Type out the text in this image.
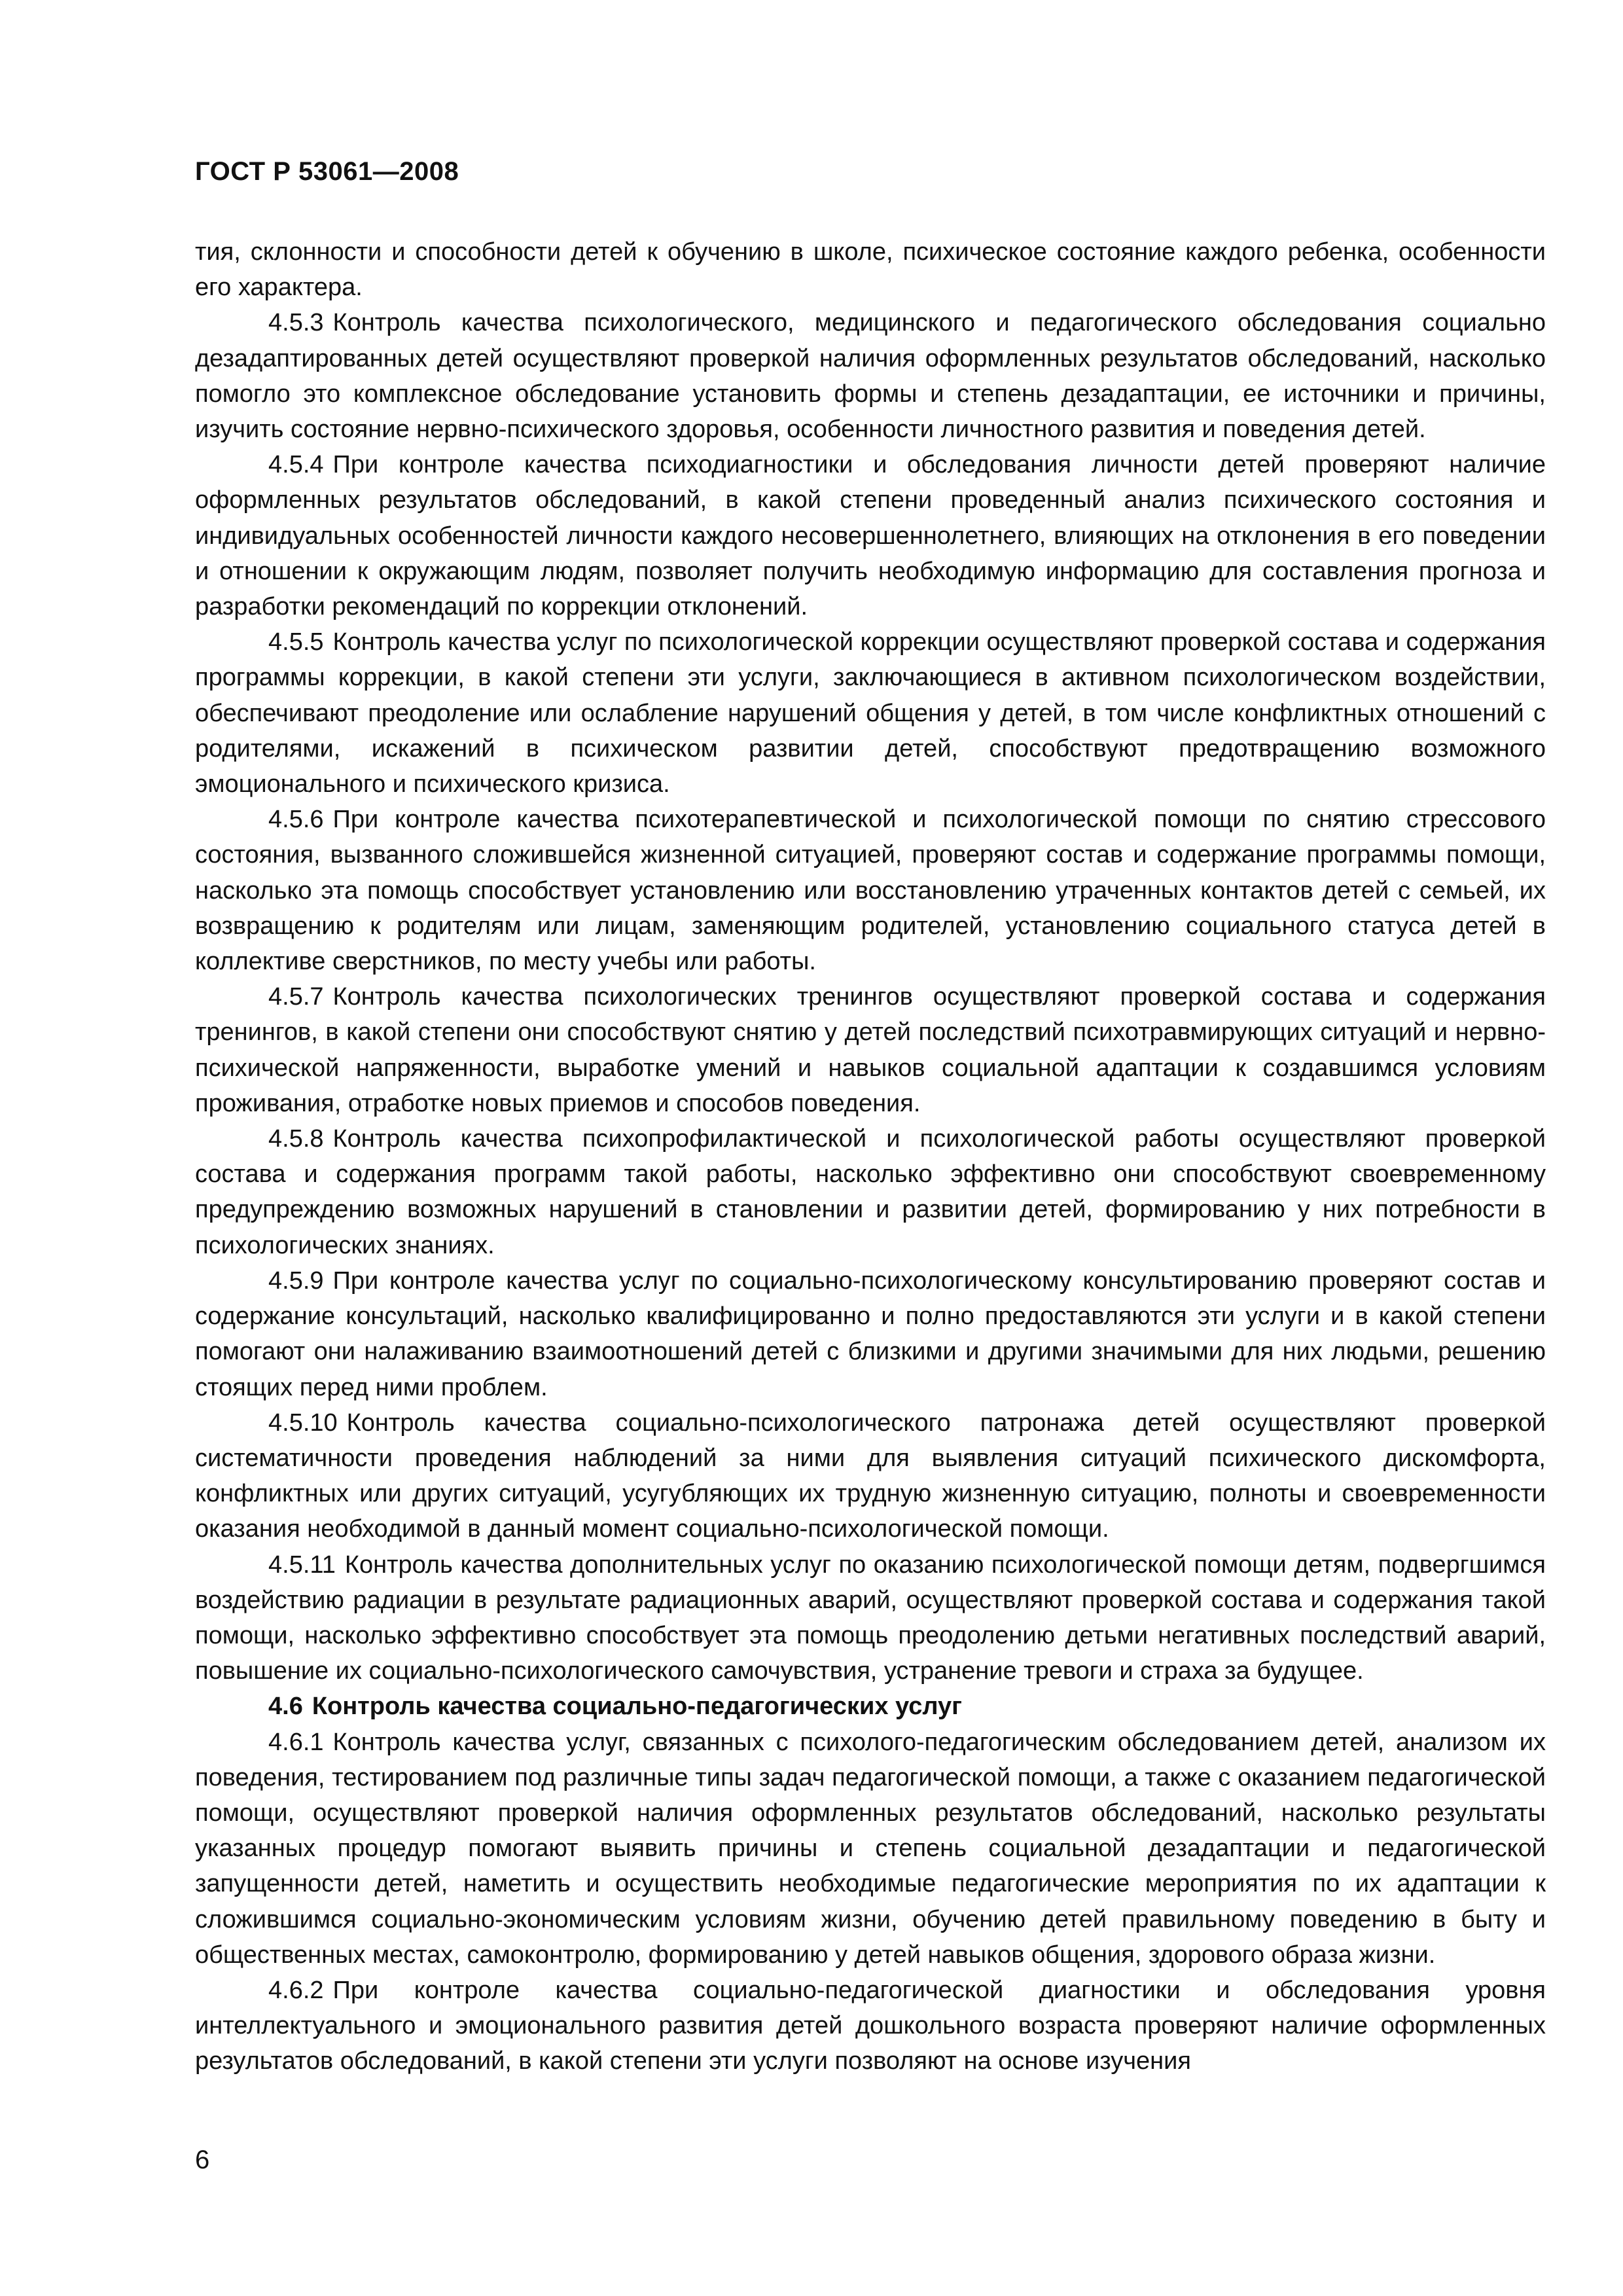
ГОСТ Р 53061—2008

тия, склонности и способности детей к обучению в школе, психическое состояние каждого ребенка, особенности его характера.

4.5.3 Контроль качества психологического, медицинского и педагогического обследования социально дезадаптированных детей осуществляют проверкой наличия оформленных результатов обследований, насколько помогло это комплексное обследование установить формы и степень дезадаптации, ее источники и причины, изучить состояние нервно-психического здоровья, особенности личностного развития и поведения детей.

4.5.4 При контроле качества психодиагностики и обследования личности детей проверяют наличие оформленных результатов обследований, в какой степени проведенный анализ психического состояния и индивидуальных особенностей личности каждого несовершеннолетнего, влияющих на отклонения в его поведении и отношении к окружающим людям, позволяет получить необходимую информацию для составления прогноза и разработки рекомендаций по коррекции отклонений.

4.5.5 Контроль качества услуг по психологической коррекции осуществляют проверкой состава и содержания программы коррекции, в какой степени эти услуги, заключающиеся в активном психологическом воздействии, обеспечивают преодоление или ослабление нарушений общения у детей, в том числе конфликтных отношений с родителями, искажений в психическом развитии детей, способствуют предотвращению возможного эмоционального и психического кризиса.

4.5.6 При контроле качества психотерапевтической и психологической помощи по снятию стрессового состояния, вызванного сложившейся жизненной ситуацией, проверяют состав и содержание программы помощи, насколько эта помощь способствует установлению или восстановлению утраченных контактов детей с семьей, их возвращению к родителям или лицам, заменяющим родителей, установлению социального статуса детей в коллективе сверстников, по месту учебы или работы.

4.5.7 Контроль качества психологических тренингов осуществляют проверкой состава и содержания тренингов, в какой степени они способствуют снятию у детей последствий психотравмирующих ситуаций и нервно-психической напряженности, выработке умений и навыков социальной адаптации к создавшимся условиям проживания, отработке новых приемов и способов поведения.

4.5.8 Контроль качества психопрофилактической и психологической работы осуществляют проверкой состава и содержания программ такой работы, насколько эффективно они способствуют своевременному предупреждению возможных нарушений в становлении и развитии детей, формированию у них потребности в психологических знаниях.

4.5.9 При контроле качества услуг по социально-психологическому консультированию проверяют состав и содержание консультаций, насколько квалифицированно и полно предоставляются эти услуги и в какой степени помогают они налаживанию взаимоотношений детей с близкими и другими значимыми для них людьми, решению стоящих перед ними проблем.

4.5.10 Контроль качества социально-психологического патронажа детей осуществляют проверкой систематичности проведения наблюдений за ними для выявления ситуаций психического дискомфорта, конфликтных или других ситуаций, усугубляющих их трудную жизненную ситуацию, полноты и своевременности оказания необходимой в данный момент социально-психологической помощи.

4.5.11 Контроль качества дополнительных услуг по оказанию психологической помощи детям, подвергшимся воздействию радиации в результате радиационных аварий, осуществляют проверкой состава и содержания такой помощи, насколько эффективно способствует эта помощь преодолению детьми негативных последствий аварий, повышение их социально-психологического самочувствия, устранение тревоги и страха за будущее.

4.6 Контроль качества социально-педагогических услуг

4.6.1 Контроль качества услуг, связанных с психолого-педагогическим обследованием детей, анализом их поведения, тестированием под различные типы задач педагогической помощи, а также с оказанием педагогической помощи, осуществляют проверкой наличия оформленных результатов обследований, насколько результаты указанных процедур помогают выявить причины и степень социальной дезадаптации и педагогической запущенности детей, наметить и осуществить необходимые педагогические мероприятия по их адаптации к сложившимся социально-экономическим условиям жизни, обучению детей правильному поведению в быту и общественных местах, самоконтролю, формированию у детей навыков общения, здорового образа жизни.

4.6.2 При контроле качества социально-педагогической диагностики и обследования уровня интеллектуального и эмоционального развития детей дошкольного возраста проверяют наличие оформленных результатов обследований, в какой степени эти услуги позволяют на основе изучения

6
